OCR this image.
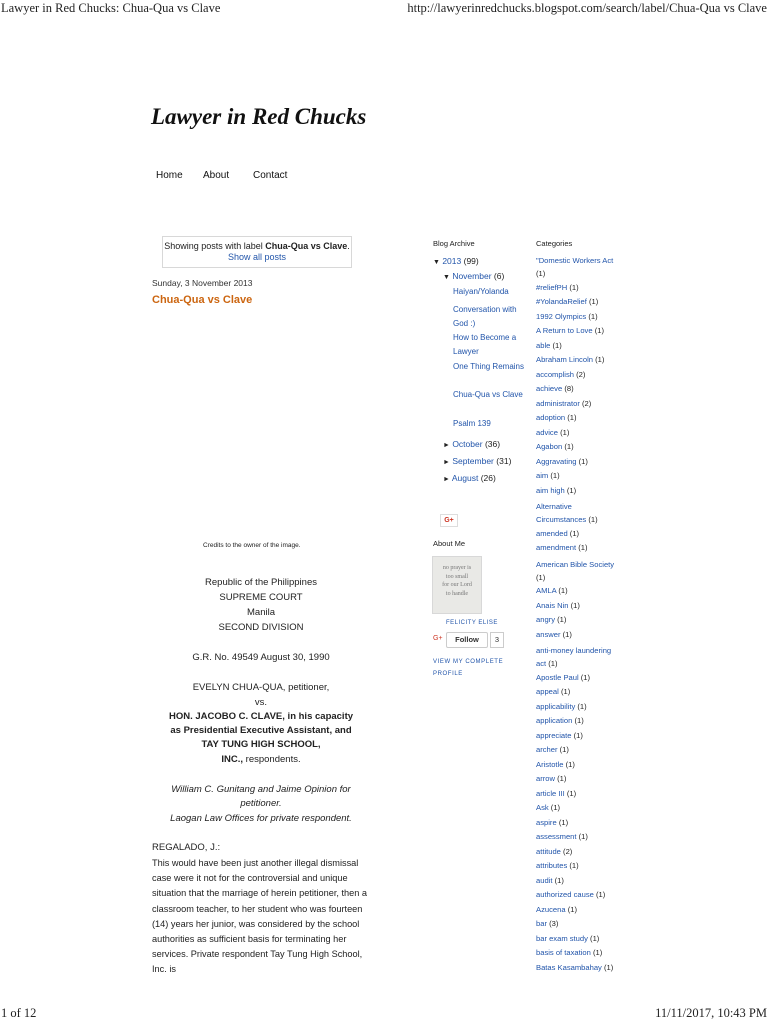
Lawyer in Red Chucks: Chua-Qua vs Clave	http://lawyerinredchucks.blogspot.com/search/label/Chua-Qua vs Clave
Lawyer in Red Chucks
Home About Contact
Showing posts with label Chua-Qua vs Clave.
Show all posts
Sunday, 3 November 2013
Chua-Qua vs Clave
Credits to the owner of the image.
Republic of the Philippines
SUPREME COURT
Manila
SECOND DIVISION
G.R. No. 49549 August 30, 1990
EVELYN CHUA-QUA, petitioner,
vs.
HON. JACOBO C. CLAVE, in his capacity
as Presidential Executive Assistant, and
TAY TUNG HIGH SCHOOL,
INC., respondents.
William C. Gunitang and Jaime Opinion for
petitioner.
Laogan Law Offices for private respondent.
REGALADO, J.:
This would have been just another illegal dismissal case were it not for the controversial and unique situation that the marriage of herein petitioner, then a classroom teacher, to her student who was fourteen (14) years her junior, was considered by the school authorities as sufficient basis for terminating her services. Private respondent Tay Tung High School, Inc. is
Blog Archive
▼ 2013 (99)
▼ November (6)
Haiyan/Yolanda
Conversation with God :)
How to Become a Lawyer
One Thing Remains
Chua-Qua vs Clave
Psalm 139
► October (36)
► September (31)
► August (26)
G+
About Me
no prayer is
too small
for our Lord
to handle
FELICITY ELISE
G+	Follow	3
VIEW MY COMPLETE PROFILE
Categories
"Domestic Workers Act (1)
#reliefPH (1)
#YolandaRelief (1)
1992 Olympics (1)
A Return to Love (1)
able (1)
Abraham Lincoln (1)
accomplish (2)
achieve (8)
administrator (2)
adoption (1)
advice (1)
Agabon (1)
Aggravating (1)
aim (1)
aim high (1)
Alternative Circumstances (1)
amended (1)
amendment (1)
American Bible Society (1)
AMLA (1)
Anais Nin (1)
angry (1)
answer (1)
anti-money laundering act (1)
Apostle Paul (1)
appeal (1)
applicability (1)
application (1)
appreciate (1)
archer (1)
Aristotle (1)
arrow (1)
article III (1)
Ask (1)
aspire (1)
assessment (1)
attitude (2)
attributes (1)
audit (1)
authorized cause (1)
Azucena (1)
bar (3)
bar exam study (1)
basis of taxation (1)
Batas Kasambahay (1)
1 of 12	11/11/2017, 10:43 PM
